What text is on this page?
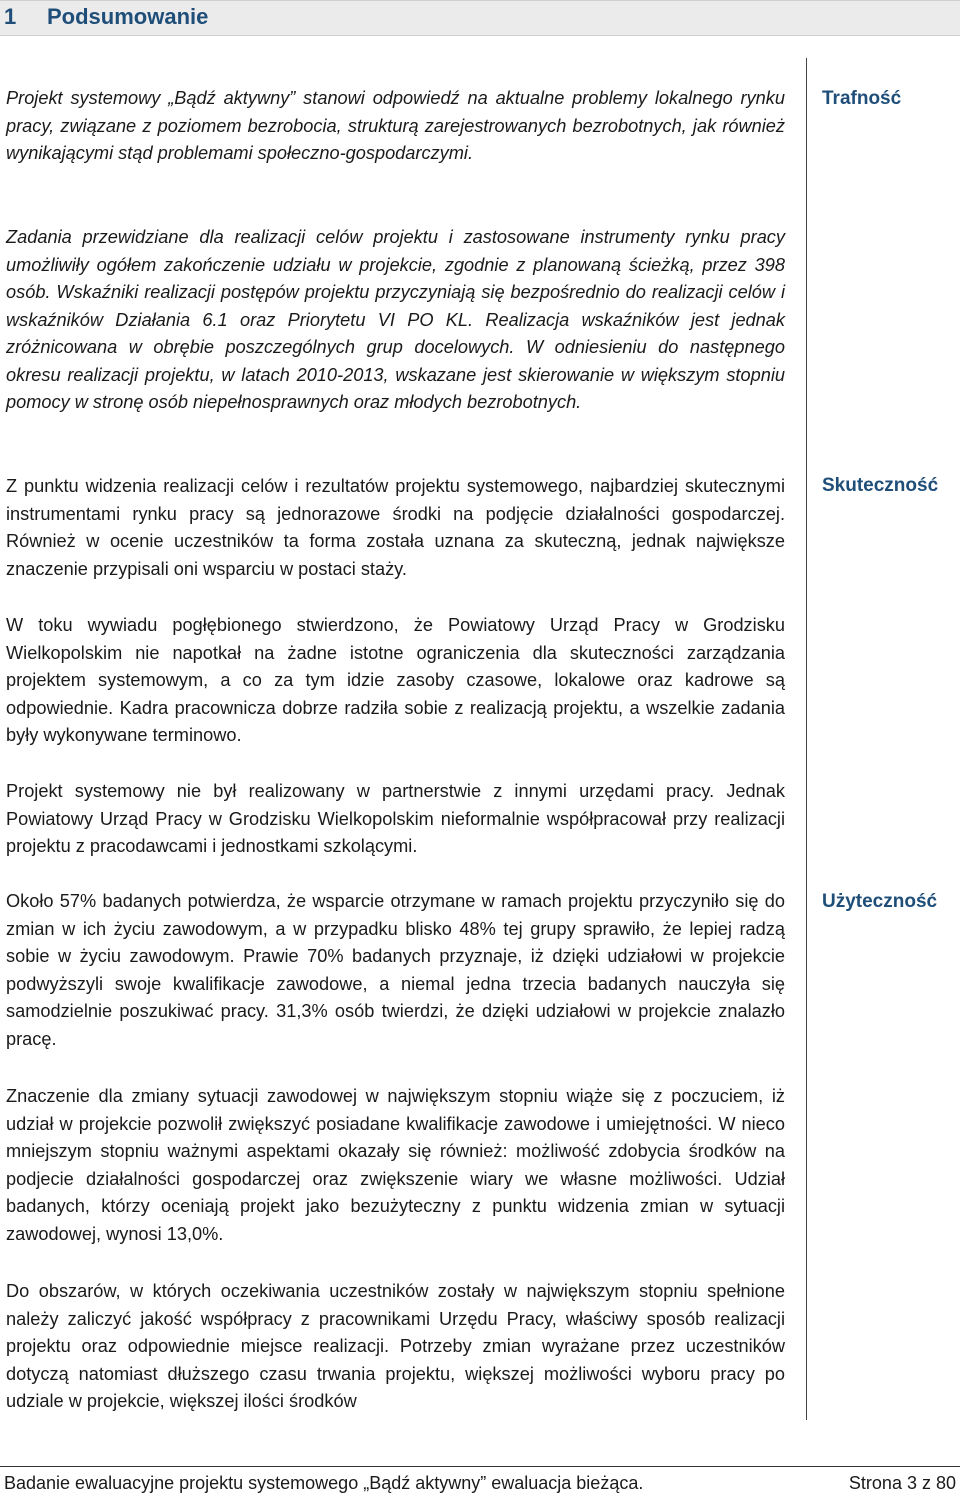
1 Podsumowanie
Trafność
Skuteczność
Użyteczność

Projekt systemowy „Bądź aktywny” stanowi odpowiedź na aktualne problemy lokalnego rynku pracy, związane z poziomem bezrobocia, strukturą zarejestrowanych bezrobotnych, jak również wynikającymi stąd problemami społeczno-gospodarczymi.

Zadania przewidziane dla realizacji celów projektu i zastosowane instrumenty rynku pracy umożliwiły ogółem zakończenie udziału w projekcie, zgodnie z planowaną ścieżką, przez 398 osób. Wskaźniki realizacji postępów projektu przyczyniają się bezpośrednio do realizacji celów i wskaźników Działania 6.1 oraz Priorytetu VI PO KL. Realizacja wskaźników jest jednak zróżnicowana w obrębie poszczególnych grup docelowych. W odniesieniu do następnego okresu realizacji projektu, w latach 2010-2013, wskazane jest skierowanie w większym stopniu pomocy w stronę osób niepełnosprawnych oraz młodych bezrobotnych.

Z punktu widzenia realizacji celów i rezultatów projektu systemowego, najbardziej skutecznymi instrumentami rynku pracy są jednorazowe środki na podjęcie działalności gospodarczej. Również w ocenie uczestników ta forma została uznana za skuteczną, jednak największe znaczenie przypisali oni wsparciu w postaci staży.

W toku wywiadu pogłębionego stwierdzono, że Powiatowy Urząd Pracy w Grodzisku Wielkopolskim nie napotkał na żadne istotne ograniczenia dla skuteczności zarządzania projektem systemowym, a co za tym idzie zasoby czasowe, lokalowe oraz kadrowe są odpowiednie. Kadra pracownicza dobrze radziła sobie z realizacją projektu, a wszelkie zadania były wykonywane terminowo.

Projekt systemowy nie był realizowany w partnerstwie z innymi urzędami pracy. Jednak Powiatowy Urząd Pracy w Grodzisku Wielkopolskim nieformalnie współpracował przy realizacji projektu z pracodawcami i jednostkami szkolącymi.

Około 57% badanych potwierdza, że wsparcie otrzymane w ramach projektu przyczyniło się do zmian w ich życiu zawodowym, a w przypadku blisko 48% tej grupy sprawiło, że lepiej radzą sobie w życiu zawodowym. Prawie 70% badanych przyznaje, iż dzięki udziałowi w projekcie podwyższyli swoje kwalifikacje zawodowe, a niemal jedna trzecia badanych nauczyła się samodzielnie poszukiwać pracy. 31,3% osób twierdzi, że dzięki udziałowi w projekcie znalazło pracę.

Znaczenie dla zmiany sytuacji zawodowej w największym stopniu wiąże się z poczuciem, iż udział w projekcie pozwolił zwiększyć posiadane kwalifikacje zawodowe i umiejętności. W nieco mniejszym stopniu ważnymi aspektami okazały się również: możliwość zdobycia środków na podjecie działalności gospodarczej oraz zwiększenie wiary we własne możliwości. Udział badanych, którzy oceniają projekt jako bezużyteczny z punktu widzenia zmian w sytuacji zawodowej, wynosi 13,0%.

Do obszarów, w których oczekiwania uczestników zostały w największym stopniu spełnione należy zaliczyć jakość współpracy z pracownikami Urzędu Pracy, właściwy sposób realizacji projektu oraz odpowiednie miejsce realizacji. Potrzeby zmian wyrażane przez uczestników dotyczą natomiast dłuższego czasu trwania projektu, większej możliwości wyboru pracy po udziale w projekcie, większej ilości środków

Badanie ewaluacyjne projektu systemowego „Bądź aktywny” ewaluacja bieżąca.	Strona 3 z 80
